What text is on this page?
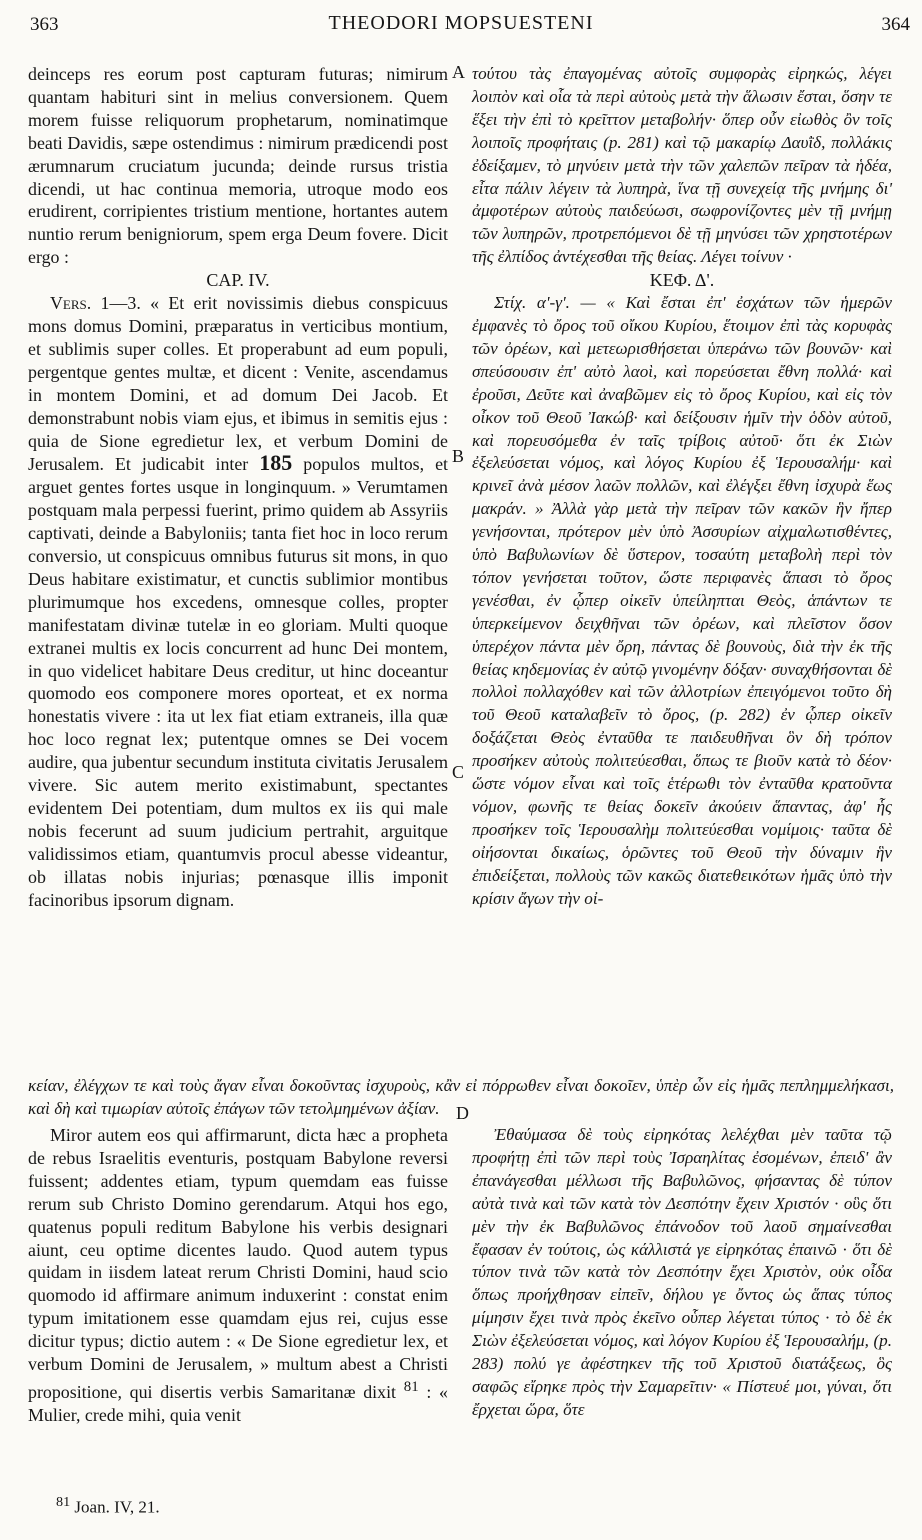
363	THEODORI MOPSUESTENI	364
A
B
C
D

deinceps res eorum post capturam futuras; nimirum quantam habituri sint in melius conversionem. Quem morem fuisse reliquorum prophetarum, nominatimque beati Davidis, sæpe ostendimus : nimirum prædicendi post ærumnarum cruciatum jucunda; deinde rursus tristia dicendi, ut hac continua memoria, utroque modo eos erudirent, corripientes tristium mentione, hortantes autem nuntio rerum benigniorum, spem erga Deum fovere. Dicit ergo :

CAP. IV.

Vers. 1—3. « Et erit novissimis diebus conspicuus mons domus Domini, præparatus in verticibus montium, et sublimis super colles. Et properabunt ad eum populi, pergentque gentes multæ, et dicent : Venite, ascendamus in montem Domini, et ad domum Dei Jacob. Et demonstrabunt nobis viam ejus, et ibimus in semitis ejus : quia de Sione egredietur lex, et verbum Domini de Jerusalem. Et judicabit inter 185 populos multos, et arguet gentes fortes usque in longinquum. » Verumtamen postquam mala perpessi fuerint, primo quidem ab Assyriis captivati, deinde a Babyloniis; tanta fiet hoc in loco rerum conversio, ut conspicuus omnibus futurus sit mons, in quo Deus habitare existimatur, et cunctis sublimior montibus plurimumque hos excedens, omnesque colles, propter manifestatam divinæ tutelæ in eo gloriam. Multi quoque extranei multis ex locis concurrent ad hunc Dei montem, in quo videlicet habitare Deus creditur, ut hinc doceantur quomodo eos componere mores oporteat, et ex norma honestatis vivere : ita ut lex fiat etiam extraneis, illa quæ hoc loco regnat lex; putentque omnes se Dei vocem audire, qua jubentur secundum instituta civitatis Jerusalem vivere. Sic autem merito existimabunt, spectantes evidentem Dei potentiam, dum multos ex iis qui male nobis fecerunt ad suum judicium pertrahit, arguitque validissimos etiam, quantumvis procul abesse videantur, ob illatas nobis injurias; pœnasque illis imponit facinoribus ipsorum dignam.

τούτου τὰς ἐπαγομένας αὐτοῖς συμφορὰς εἰρηκώς, λέγει λοιπὸν καὶ οἷα τὰ περὶ αὐτοὺς μετὰ τὴν ἅλωσιν ἔσται, ὅσην τε ἕξει τὴν ἐπὶ τὸ κρεῖττον μεταβολήν· ὅπερ οὖν εἰωθὸς ὂν τοῖς λοιποῖς προφήταις (p. 281) καὶ τῷ μακαρίῳ Δαυῒδ, πολλάκις ἐδείξαμεν, τὸ μηνύειν μετὰ τὴν τῶν χαλεπῶν πεῖραν τὰ ἡδέα, εἶτα πάλιν λέγειν τὰ λυπηρὰ, ἵνα τῇ συνεχείᾳ τῆς μνήμης δι' ἀμφοτέρων αὐτοὺς παιδεύωσι, σωφρονίζοντες μὲν τῇ μνήμῃ τῶν λυπηρῶν, προτρεπόμενοι δὲ τῇ μηνύσει τῶν χρηστοτέρων τῆς ἐλπίδος ἀντέχεσθαι τῆς θείας. Λέγει τοίνυν ·

ΚΕΦ. Δ'.

Στίχ. α'-γ'. — « Καὶ ἔσται ἐπ' ἐσχάτων τῶν ἡμερῶν ἐμφανὲς τὸ ὄρος τοῦ οἴκου Κυρίου, ἕτοιμον ἐπὶ τὰς κορυφὰς τῶν ὀρέων, καὶ μετεωρισθήσεται ὑπεράνω τῶν βουνῶν· καὶ σπεύσουσιν ἐπ' αὐτὸ λαοὶ, καὶ πορεύσεται ἔθνη πολλά· καὶ ἐροῦσι, Δεῦτε καὶ ἀναβῶμεν εἰς τὸ ὄρος Κυρίου, καὶ εἰς τὸν οἶκον τοῦ Θεοῦ Ἰακώβ· καὶ δείξουσιν ἡμῖν τὴν ὁδὸν αὐτοῦ, καὶ πορευσόμεθα ἐν ταῖς τρίβοις αὐτοῦ· ὅτι ἐκ Σιὼν ἐξελεύσεται νόμος, καὶ λόγος Κυρίου ἐξ Ἱερουσαλήμ· καὶ κρινεῖ ἀνὰ μέσον λαῶν πολλῶν, καὶ ἐλέγξει ἔθνη ἰσχυρὰ ἕως μακράν. » Ἀλλὰ γὰρ μετὰ τὴν πεῖραν τῶν κακῶν ἣν ἤπερ γενήσονται, πρότερον μὲν ὑπὸ Ἀσσυρίων αἰχμαλωτισθέντες, ὑπὸ Βαβυλωνίων δὲ ὕστερον, τοσαύτη μεταβολὴ περὶ τὸν τόπον γενήσεται τοῦτον, ὥστε περιφανὲς ἅπασι τὸ ὄρος γενέσθαι, ἐν ᾧπερ οἰκεῖν ὑπείληπται Θεὸς, ἁπάντων τε ὑπερκείμενον δειχθῆναι τῶν ὀρέων, καὶ πλεῖστον ὅσον ὑπερέχον πάντα μὲν ὄρη, πάντας δὲ βουνοὺς, διὰ τὴν ἐκ τῆς θείας κηδεμονίας ἐν αὐτῷ γινομένην δόξαν· συναχθήσονται δὲ πολλοὶ πολλαχόθεν καὶ τῶν ἀλλοτρίων ἐπειγόμενοι τοῦτο δὴ τοῦ Θεοῦ καταλαβεῖν τὸ ὄρος, (p. 282) ἐν ᾧπερ οἰκεῖν δοξάζεται Θεὸς ἐνταῦθα τε παιδευθῆναι ὃν δὴ τρόπον προσήκεν αὐτοὺς πολιτεύεσθαι, ὅπως τε βιοῦν κατὰ τὸ δέον· ὥστε νόμον εἶναι καὶ τοῖς ἑτέρωθι τὸν ἐνταῦθα κρατοῦντα νόμον, φωνῆς τε θείας δοκεῖν ἀκούειν ἅπαντας, ἀφ' ἧς προσήκεν τοῖς Ἱερουσαλὴμ πολιτεύεσθαι νομίμοις· ταῦτα δὲ οἰήσονται δικαίως, ὁρῶντες τοῦ Θεοῦ τὴν δύναμιν ἣν ἐπιδείξεται, πολλοὺς τῶν κακῶς διατεθεικότων ἡμᾶς ὑπὸ τὴν κρίσιν ἄγων τὴν οἰ-

κείαν, ἐλέγχων τε καὶ τοὺς ἄγαν εἶναι δοκοῦντας ἰσχυροὺς, κἂν εἰ πόρρωθεν εἶναι δοκοῖεν, ὑπὲρ ὧν εἰς ἡμᾶς πεπλημμελήκασι, καὶ δὴ καὶ τιμωρίαν αὐτοῖς ἐπάγων τῶν τετολμημένων ἀξίαν.

Miror autem eos qui affirmarunt, dicta hæc a propheta de rebus Israelitis eventuris, postquam Babylone reversi fuissent; addentes etiam, typum quemdam eas fuisse rerum sub Christo Domino gerendarum. Atqui hos ego, quatenus populi reditum Babylone his verbis designari aiunt, ceu optime dicentes laudo. Quod autem typus quidam in iisdem lateat rerum Christi Domini, haud scio quomodo id affirmare animum induxerint : constat enim typum imitationem esse quamdam ejus rei, cujus esse dicitur typus; dictio autem : « De Sione egredietur lex, et verbum Domini de Jerusalem, » multum abest a Christi propositione, qui disertis verbis Samaritanæ dixit $^{81}$ : « Mulier, crede mihi, quia venit

Ἐθαύμασα δὲ τοὺς εἰρηκότας λελέχθαι μὲν ταῦτα τῷ προφήτῃ ἐπὶ τῶν περὶ τοὺς Ἰσραηλίτας ἐσομένων, ἐπειδ' ἂν ἐπανάγεσθαι μέλλωσι τῆς Βαβυλῶνος, φήσαντας δὲ τύπον αὐτὰ τινὰ καὶ τῶν κατὰ τὸν Δεσπότην ἔχειν Χριστόν · οὓς ὅτι μὲν τὴν ἐκ Βαβυλῶνος ἐπάνοδον τοῦ λαοῦ σημαίνεσθαι ἔφασαν ἐν τούτοις, ὡς κάλλιστά γε εἰρηκότας ἐπαινῶ · ὅτι δὲ τύπον τινὰ τῶν κατὰ τὸν Δεσπότην ἔχει Χριστὸν, οὐκ οἶδα ὅπως προήχθησαν εἰπεῖν, δήλου γε ὄντος ὡς ἅπας τύπος μίμησιν ἔχει τινὰ πρὸς ἐκεῖνο οὗπερ λέγεται τύπος · τὸ δὲ ἐκ Σιὼν ἐξελεύσεται νόμος, καὶ λόγον Κυρίου ἐξ Ἱερουσαλήμ, (p. 283) πολύ γε ἀφέστηκεν τῆς τοῦ Χριστοῦ διατάξεως, ὃς σαφῶς εἴρηκε πρὸς τὴν Σαμαρεῖτιν· « Πίστευέ μοι, γύναι, ὅτι ἔρχεται ὥρα, ὅτε

$^{81}$ Joan. IV, 21.
